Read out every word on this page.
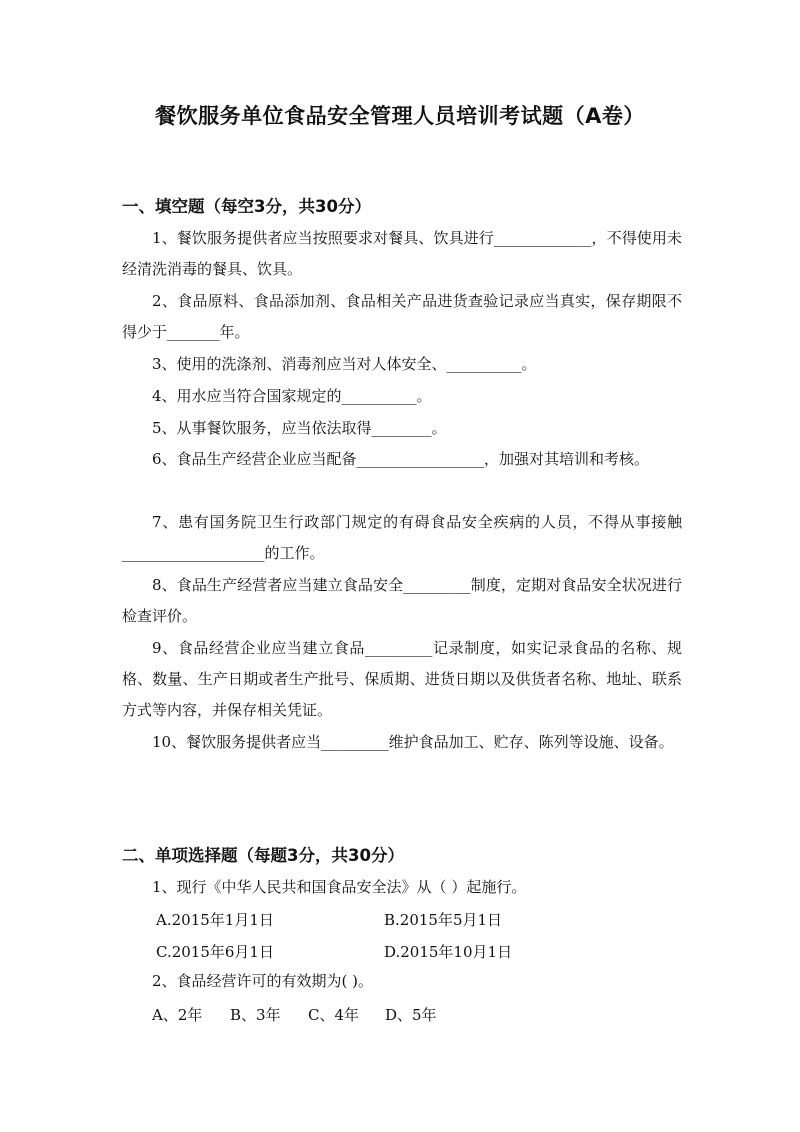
餐饮服务单位食品安全管理人员培训考试题（A卷）
一、填空题（每空3分，共30分）
1、餐饮服务提供者应当按照要求对餐具、饮具进行_____________，不得使用未经清洗消毒的餐具、饮具。
2、食品原料、食品添加剂、食品相关产品进货查验记录应当真实，保存期限不得少于_______年。
3、使用的洗涤剂、消毒剂应当对人体安全、__________。
4、用水应当符合国家规定的__________。
5、从事餐饮服务，应当依法取得________。
6、食品生产经营企业应当配备_________________，加强对其培训和考核。
7、患有国务院卫生行政部门规定的有碍食品安全疾病的人员，不得从事接触___________________的工作。
8、食品生产经营者应当建立食品安全_________制度，定期对食品安全状况进行检查评价。
9、食品经营企业应当建立食品_________记录制度，如实记录食品的名称、规格、数量、生产日期或者生产批号、保质期、进货日期以及供货者名称、地址、联系方式等内容，并保存相关凭证。
10、餐饮服务提供者应当_________维护食品加工、贮存、陈列等设施、设备。
二、单项选择题（每题3分，共30分）
1、现行《中华人民共和国食品安全法》从（ ）起施行。
A.2015年1月1日	B.2015年5月1日
C.2015年6月1日	D.2015年10月1日
2、食品经营许可的有效期为( )。
A、2年 B、3年 C、4年 D、5年
